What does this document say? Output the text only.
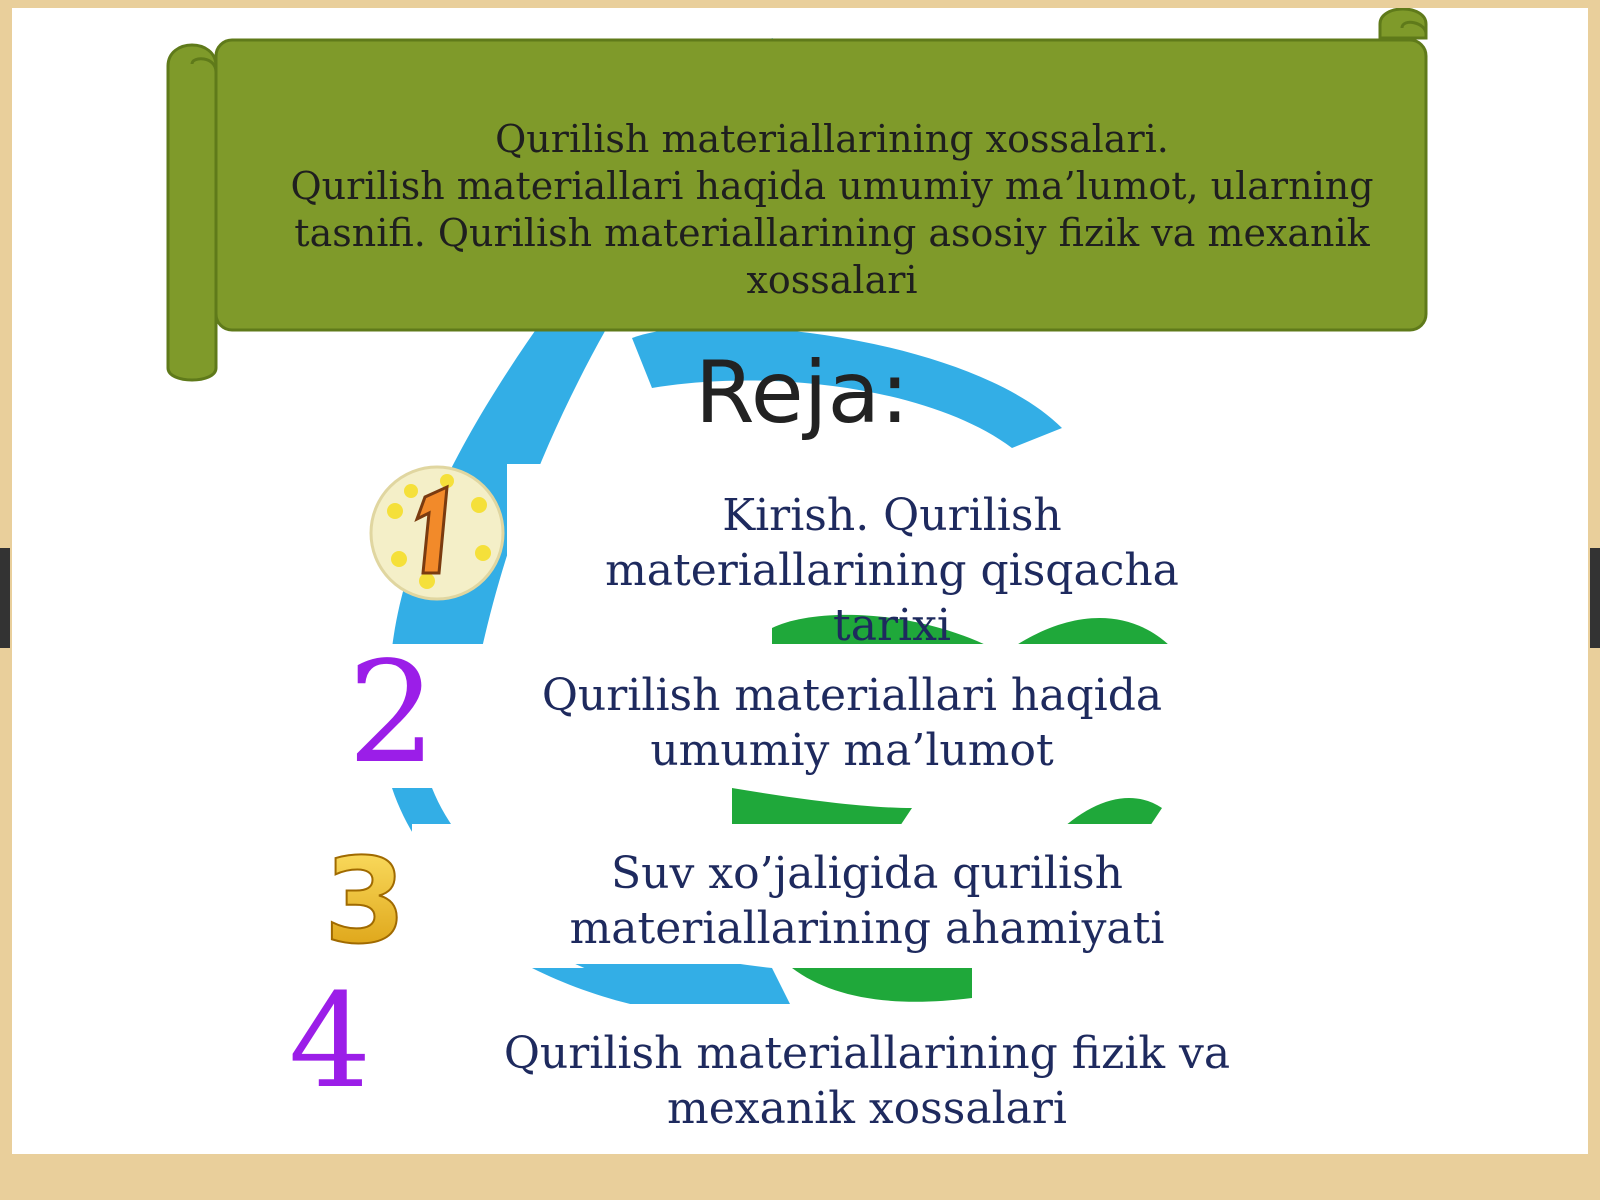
Qurilish materiallarining xossalari.
Qurilish materiallari haqida umumiy ma’lumot, ularning tasnifi. Qurilish materiallarining asosiy fizik va mexanik xossalari
Reja:
Kirish. Qurilish materiallarining qisqacha tarixi
2	Qurilish materiallari haqida umumiy ma’lumot
3	Suv xo’jaligida qurilish materiallarining ahamiyati
4	Qurilish materiallarining fizik va mexanik xossalari
